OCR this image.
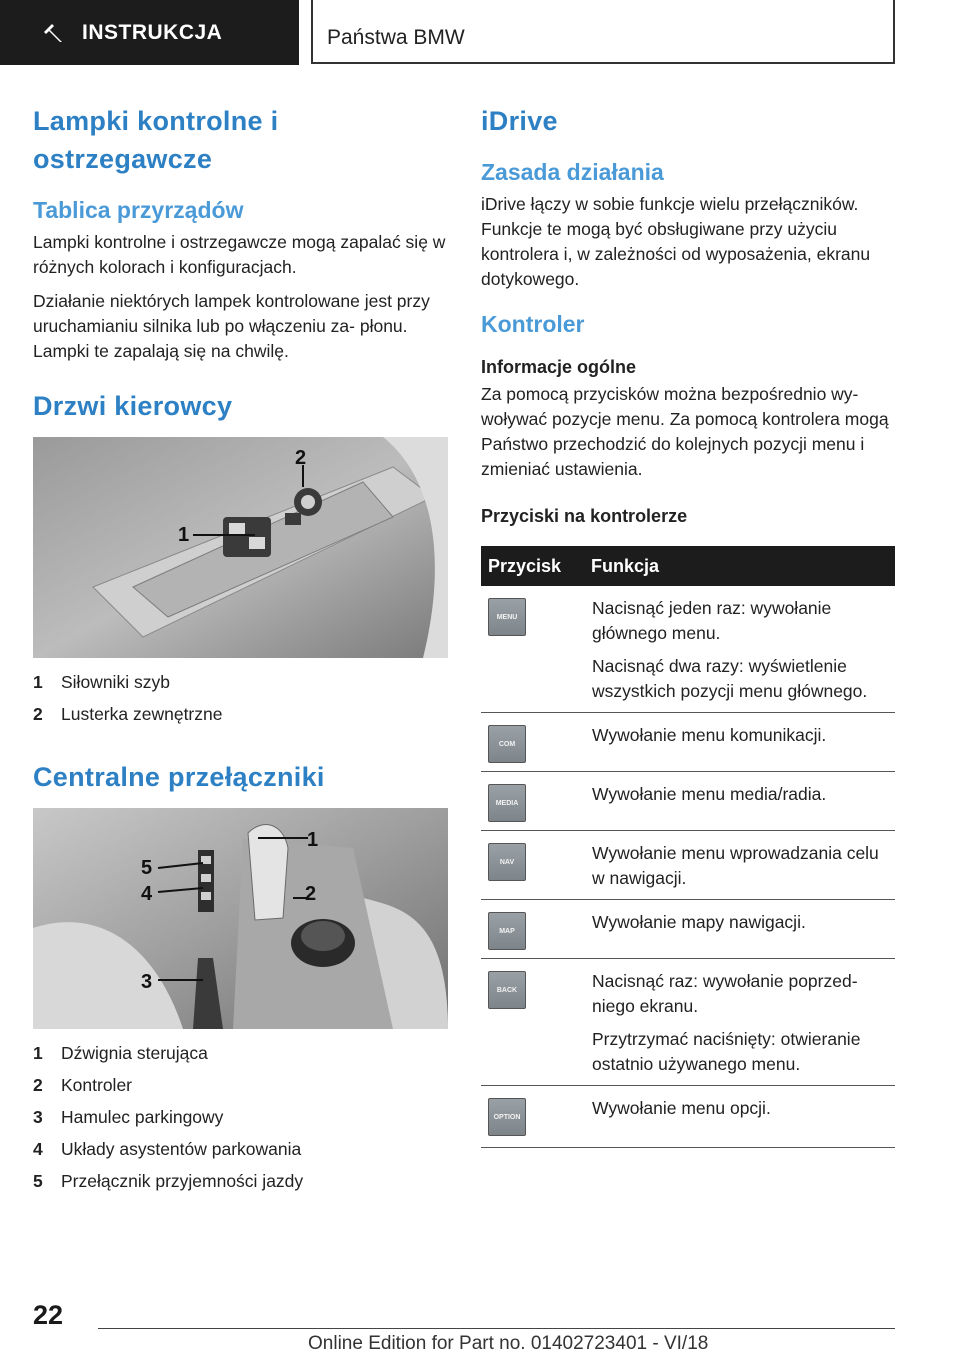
INSTRUKCJA	Państwa BMW
Lampki kontrolne i ostrzegawcze
Tablica przyrządów

Lampki kontrolne i ostrzegawcze mogą zapalać się w różnych kolorach i konfiguracjach.

Działanie niektórych lampek kontrolowane jest przy uruchamianiu silnika lub po włączeniu za- płonu. Lampki te zapalają się na chwilę.

Drzwi kierowcy
1
2
1	Siłowniki szyb
2	Lusterka zewnętrzne
Centralne przełączniki
1
2
3
4
5
1	Dźwignia sterująca
2	Kontroler
3	Hamulec parkingowy
4	Układy asystentów parkowania
5	Przełącznik przyjemności jazdy
iDrive
Zasada działania

iDrive łączy w sobie funkcje wielu przełączników. Funkcje te mogą być obsługiwane przy użyciu kontrolera i, w zależności od wyposażenia, ekranu dotykowego.

Kontroler
Informacje ogólne

Za pomocą przycisków można bezpośrednio wy- woływać pozycje menu. Za pomocą kontrolera mogą Państwo przechodzić do kolejnych pozycji menu i zmieniać ustawienia.

Przyciski na kontrolerze
Przycisk	Funkcja

MENU	Nacisnąć jeden raz: wywołanie głównego menu.

Nacisnąć dwa razy: wyświetlenie wszystkich pozycji menu głównego.

COM	Wywołanie menu komunikacji.

MEDIA	Wywołanie menu media/radia.

NAV	Wywołanie menu wprowadzania celu w nawigacji.

MAP	Wywołanie mapy nawigacji.

BACK	Nacisnąć raz: wywołanie poprzed- niego ekranu.

Przytrzymać naciśnięty: otwieranie ostatnio używanego menu.

OPTION	Wywołanie menu opcji.

22
Online Edition for Part no. 01402723401 - VI/18
